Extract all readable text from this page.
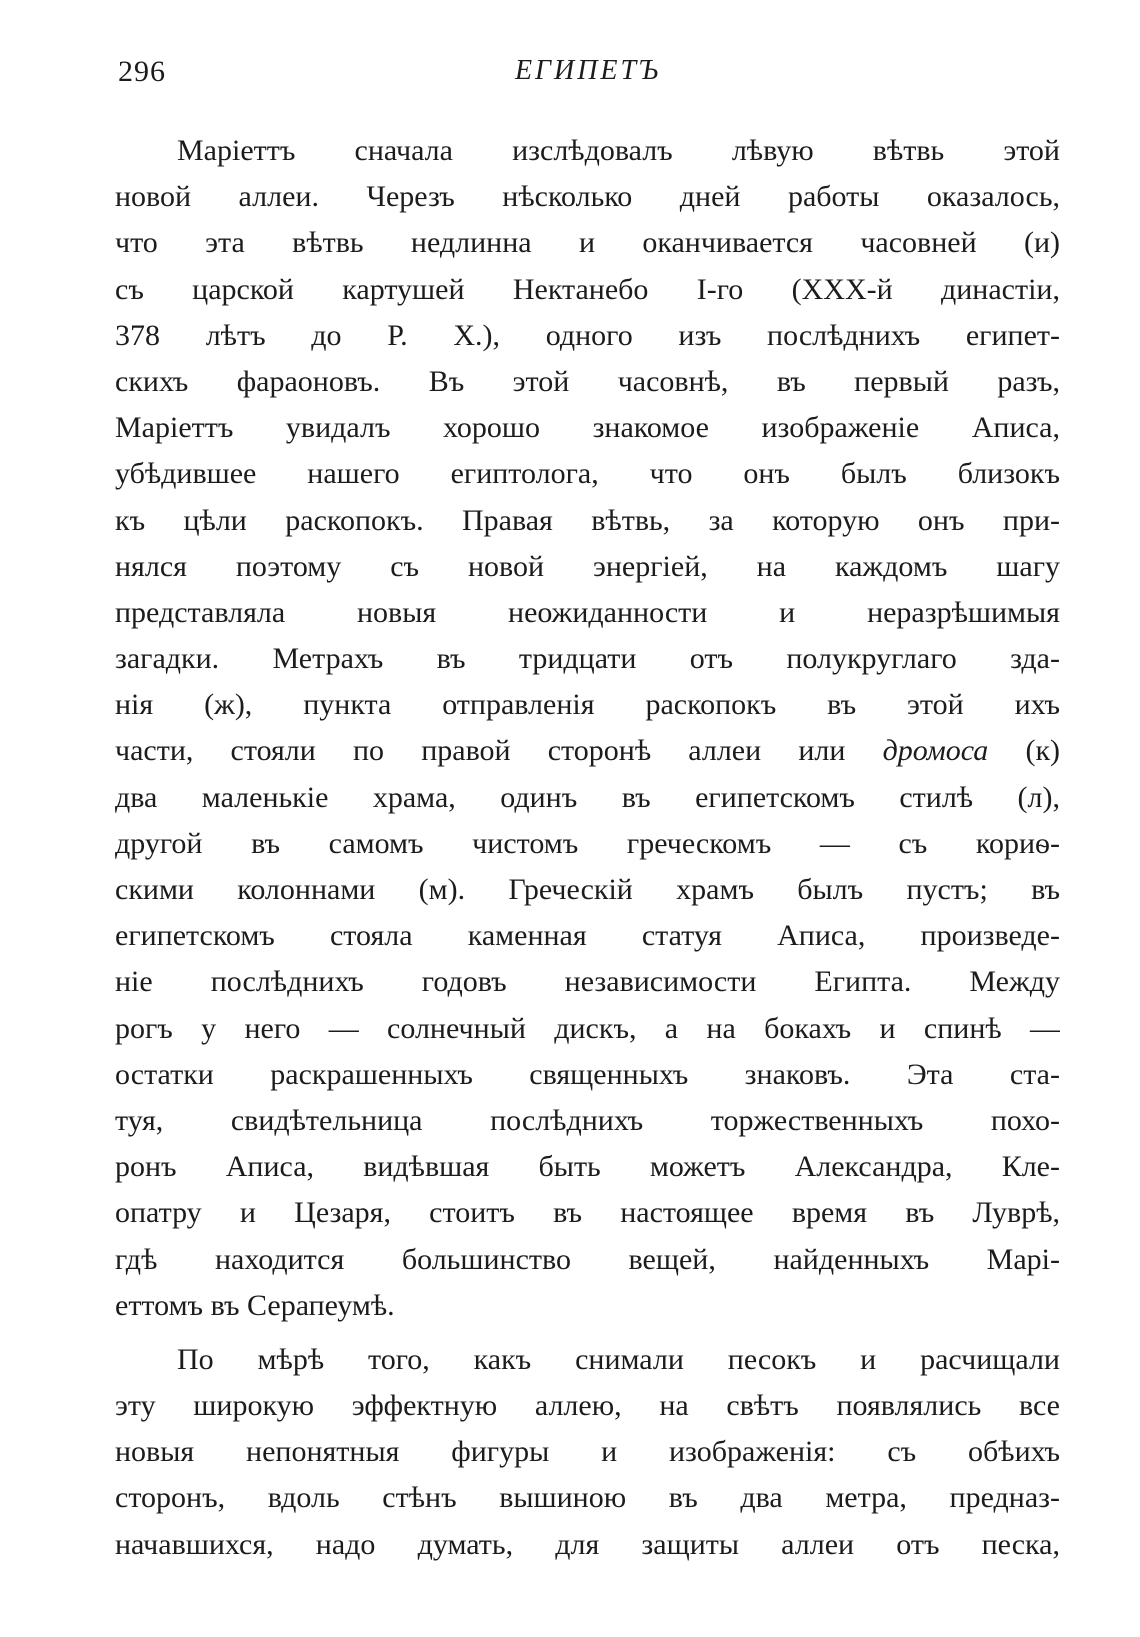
296	ЕГИПЕТЪ
Маріеттъ сначала изслѣдовалъ лѣвую вѣтвь этой
новой аллеи. Черезъ нѣсколько дней работы оказалось,
что эта вѣтвь недлинна и оканчивается часовней (и)
съ царской картушей Нектанебо I-го (XXX-й династіи,
378 лѣтъ до Р. X.), одного изъ послѣднихъ египет-
скихъ фараоновъ. Въ этой часовнѣ, въ первый разъ,
Маріеттъ увидалъ хорошо знакомое изображеніе Аписа,
убѣдившее нашего египтолога, что онъ былъ близокъ
къ цѣли раскопокъ. Правая вѣтвь, за которую онъ при-
нялся поэтому съ новой энергіей, на каждомъ шагу
представляла новыя неожиданности и неразрѣшимыя
загадки. Метрахъ въ тридцати отъ полукруглаго зда-
нія (ж), пункта отправленія раскопокъ въ этой ихъ
части, стояли по правой сторонѣ аллеи или дромоса (к)
два маленькіе храма, одинъ въ египетскомъ стилѣ (л),
другой въ самомъ чистомъ греческомъ — съ кориѳ-
скими колоннами (м). Греческій храмъ былъ пустъ; въ
египетскомъ стояла каменная статуя Аписа, произведе-
ніе послѣднихъ годовъ независимости Египта. Между
рогъ у него — солнечный дискъ, а на бокахъ и спинѣ —
остатки раскрашенныхъ священныхъ знаковъ. Эта ста-
туя, свидѣтельница послѣднихъ торжественныхъ похо-
ронъ Аписа, видѣвшая быть можетъ Александра, Кле-
опатру и Цезаря, стоитъ въ настоящее время въ Луврѣ,
гдѣ находится большинство вещей, найденныхъ Марі-
еттомъ въ Серапеумѣ.
По мѣрѣ того, какъ снимали песокъ и расчищали
эту широкую эффектную аллею, на свѣтъ появлялись все
новыя непонятныя фигуры и изображенія: съ обѣихъ
сторонъ, вдоль стѣнъ вышиною въ два метра, предназ-
начавшихся, надо думать, для защиты аллеи отъ песка,
